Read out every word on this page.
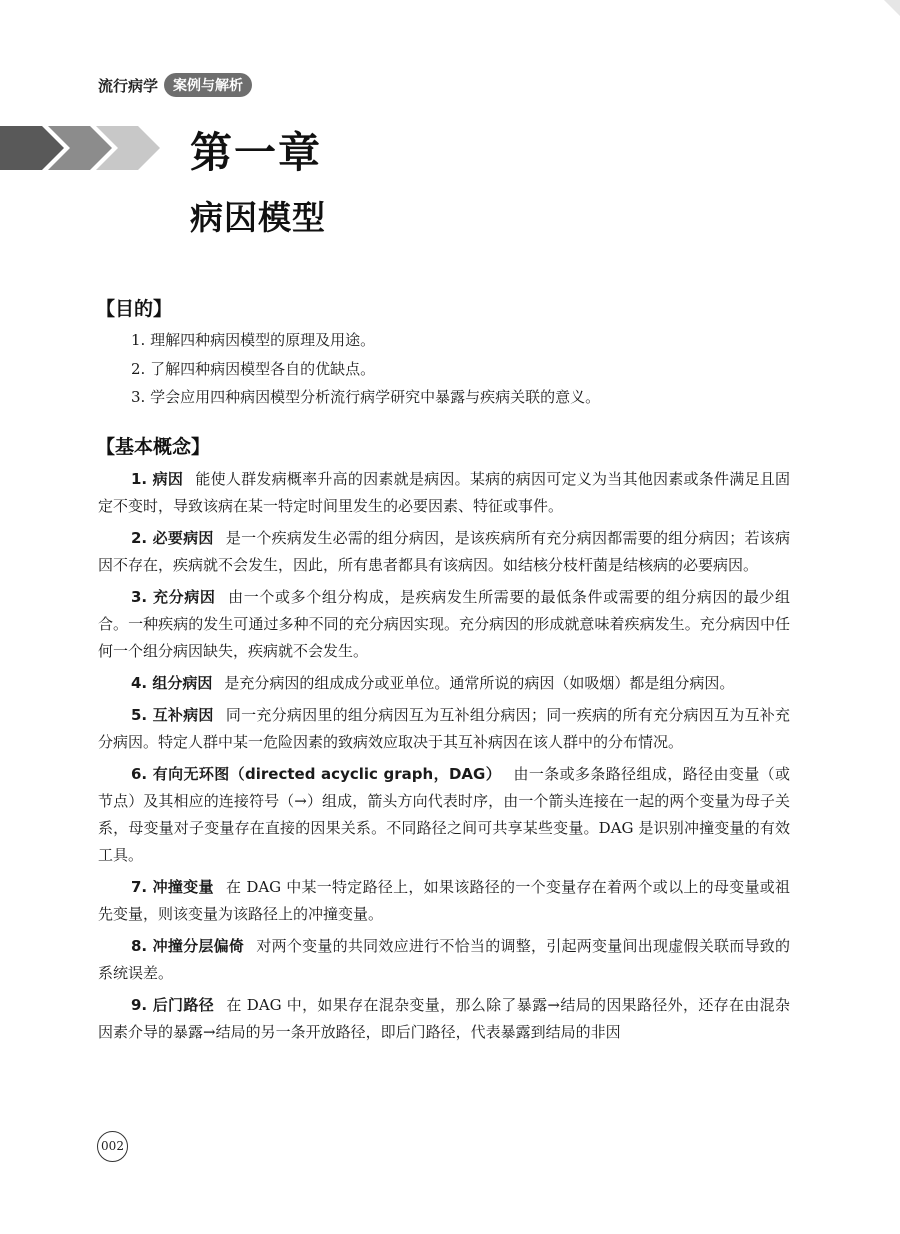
流行病学	案例与解析
第一章
病因模型
【目的】
1. 理解四种病因模型的原理及用途。
2. 了解四种病因模型各自的优缺点。
3. 学会应用四种病因模型分析流行病学研究中暴露与疾病关联的意义。
【基本概念】

1. 病因 能使人群发病概率升高的因素就是病因。某病的病因可定义为当其他因素或条件满足且固定不变时，导致该病在某一特定时间里发生的必要因素、特征或事件。

2. 必要病因 是一个疾病发生必需的组分病因，是该疾病所有充分病因都需要的组分病因；若该病因不存在，疾病就不会发生，因此，所有患者都具有该病因。如结核分枝杆菌是结核病的必要病因。

3. 充分病因 由一个或多个组分构成，是疾病发生所需要的最低条件或需要的组分病因的最少组合。一种疾病的发生可通过多种不同的充分病因实现。充分病因的形成就意味着疾病发生。充分病因中任何一个组分病因缺失，疾病就不会发生。

4. 组分病因 是充分病因的组成成分或亚单位。通常所说的病因（如吸烟）都是组分病因。

5. 互补病因 同一充分病因里的组分病因互为互补组分病因；同一疾病的所有充分病因互为互补充分病因。特定人群中某一危险因素的致病效应取决于其互补病因在该人群中的分布情况。

6. 有向无环图（directed acyclic graph，DAG） 由一条或多条路径组成，路径由变量（或节点）及其相应的连接符号（→）组成，箭头方向代表时序，由一个箭头连接在一起的两个变量为母子关系，母变量对子变量存在直接的因果关系。不同路径之间可共享某些变量。DAG 是识别冲撞变量的有效工具。

7. 冲撞变量 在 DAG 中某一特定路径上，如果该路径的一个变量存在着两个或以上的母变量或祖先变量，则该变量为该路径上的冲撞变量。

8. 冲撞分层偏倚 对两个变量的共同效应进行不恰当的调整，引起两变量间出现虚假关联而导致的系统误差。

9. 后门路径 在 DAG 中，如果存在混杂变量，那么除了暴露→结局的因果路径外，还存在由混杂因素介导的暴露→结局的另一条开放路径，即后门路径，代表暴露到结局的非因

002
